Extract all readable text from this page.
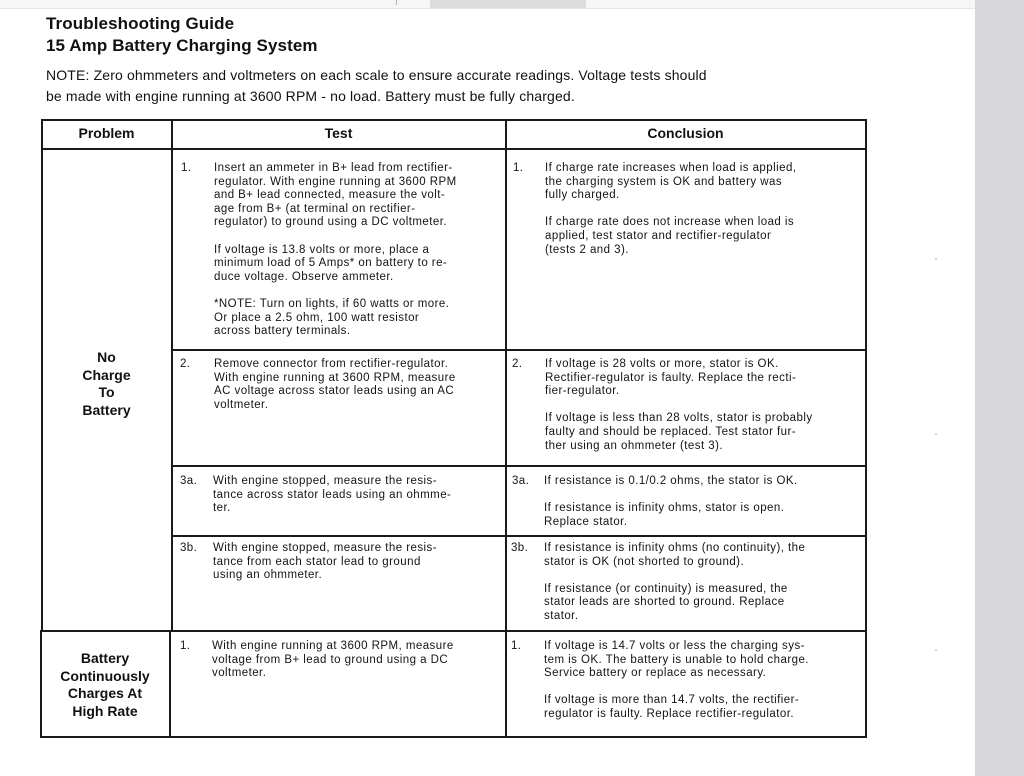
Troubleshooting Guide
15 Amp Battery Charging System
NOTE: Zero ohmmeters and voltmeters on each scale to ensure accurate readings. Voltage tests should
be made with engine running at 3600 RPM - no load. Battery must be fully charged.
Problem	Test	Conclusion
No
Charge
To
Battery
Battery
Continuously
Charges At
High Rate
1. Insert an ammeter in B+ lead from rectifier-
regulator. With engine running at 3600 RPM
and B+ lead connected, measure the volt-
age from B+ (at terminal on rectifier-
regulator) to ground using a DC voltmeter.

If voltage is 13.8 volts or more, place a
minimum load of 5 Amps* on battery to re-
duce voltage. Observe ammeter.

*NOTE: Turn on lights, if 60 watts or more.
Or place a 2.5 ohm, 100 watt resistor
across battery terminals.
1. If charge rate increases when load is applied,
the charging system is OK and battery was
fully charged.

If charge rate does not increase when load is
applied, test stator and rectifier-regulator
(tests 2 and 3).
2. Remove connector from rectifier-regulator.
With engine running at 3600 RPM, measure
AC voltage across stator leads using an AC
voltmeter.
2. If voltage is 28 volts or more, stator is OK.
Rectifier-regulator is faulty. Replace the recti-
fier-regulator.

If voltage is less than 28 volts, stator is probably
faulty and should be replaced. Test stator fur-
ther using an ohmmeter (test 3).
3a. With engine stopped, measure the resis-
tance across stator leads using an ohmme-
ter.
3a. If resistance is 0.1/0.2 ohms, the stator is OK.

If resistance is infinity ohms, stator is open.
Replace stator.
3b. With engine stopped, measure the resis-
tance from each stator lead to ground
using an ohmmeter.
3b. If resistance is infinity ohms (no continuity), the
stator is OK (not shorted to ground).

If resistance (or continuity) is measured, the
stator leads are shorted to ground. Replace
stator.
1. With engine running at 3600 RPM, measure
voltage from B+ lead to ground using a DC
voltmeter.
1. If voltage is 14.7 volts or less the charging sys-
tem is OK. The battery is unable to hold charge.
Service battery or replace as necessary.

If voltage is more than 14.7 volts, the rectifier-
regulator is faulty. Replace rectifier-regulator.
